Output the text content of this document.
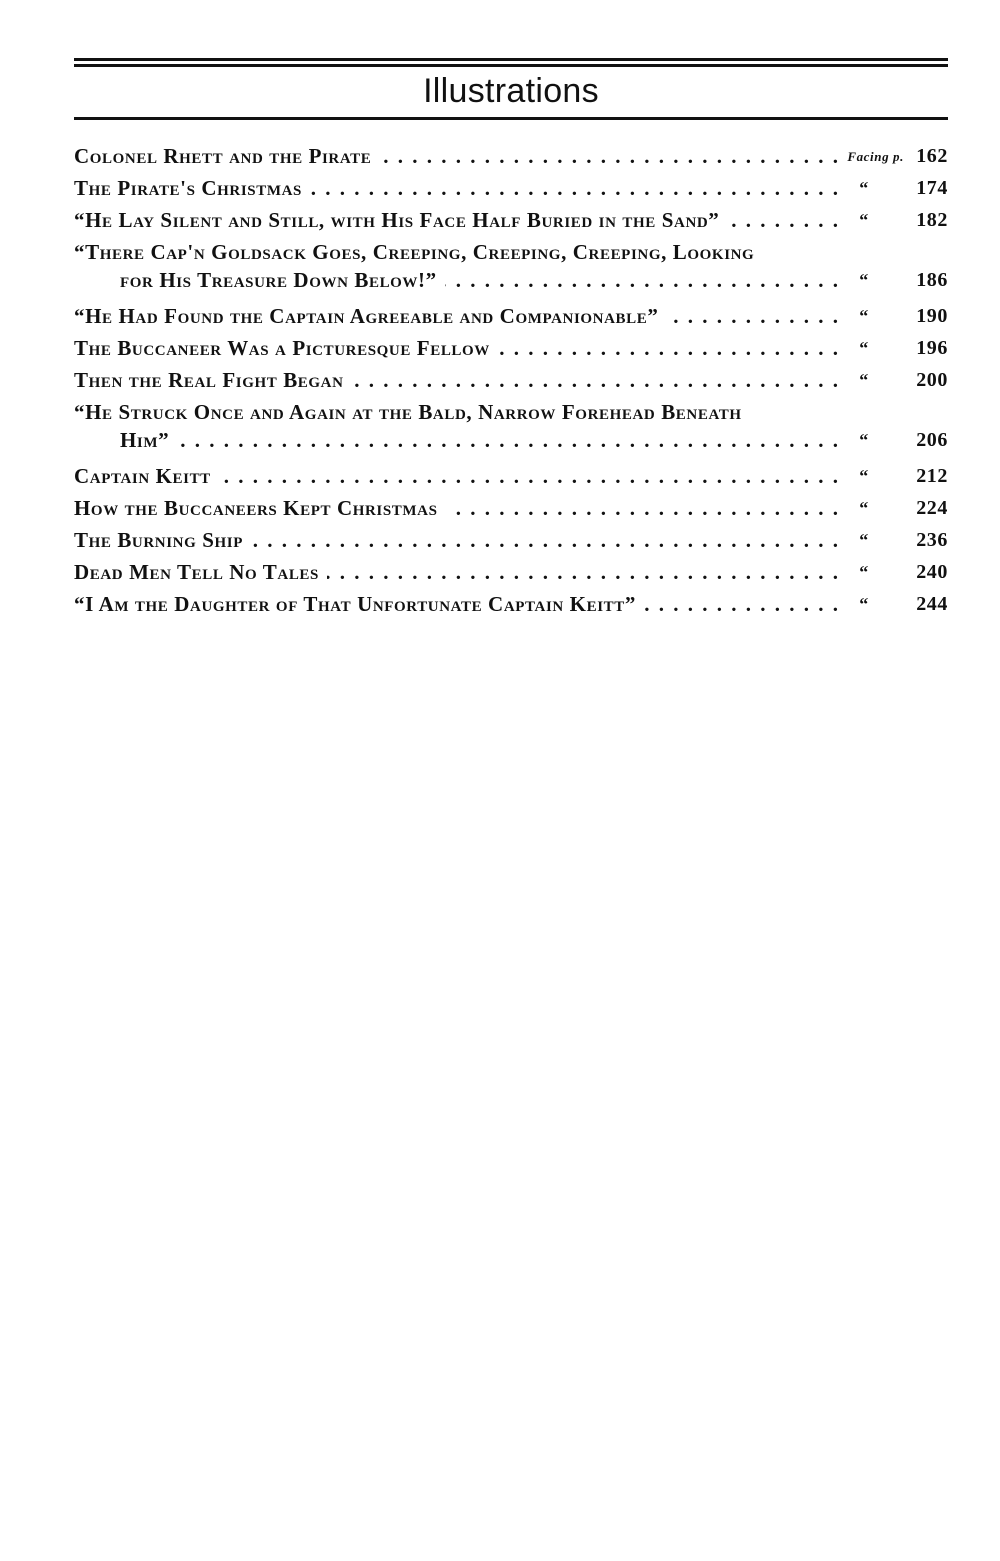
Illustrations
Colonel Rhett and the Pirate . . .	Facing p. 162
The Pirate's Christmas . . .	“	174
“He Lay Silent and Still, with His Face Half Buried in the Sand” . . .	“	182
“There Cap'n Goldsack Goes, Creeping, Creeping, Creeping, Looking
for His Treasure Down Below!” . . .	“	186
“He Had Found the Captain Agreeable and Companionable” . . .	“	190
The Buccaneer Was a Picturesque Fellow . . .	“	196
Then the Real Fight Began . . .	“	200
“He Struck Once and Again at the Bald, Narrow Forehead Beneath
Him” . . .	“	206
Captain Keitt . . .	“	212
How the Buccaneers Kept Christmas . . .	“	224
The Burning Ship . . .	“	236
Dead Men Tell No Tales . . .	“	240
“I Am the Daughter of That Unfortunate Captain Keitt” . . .	“	244
